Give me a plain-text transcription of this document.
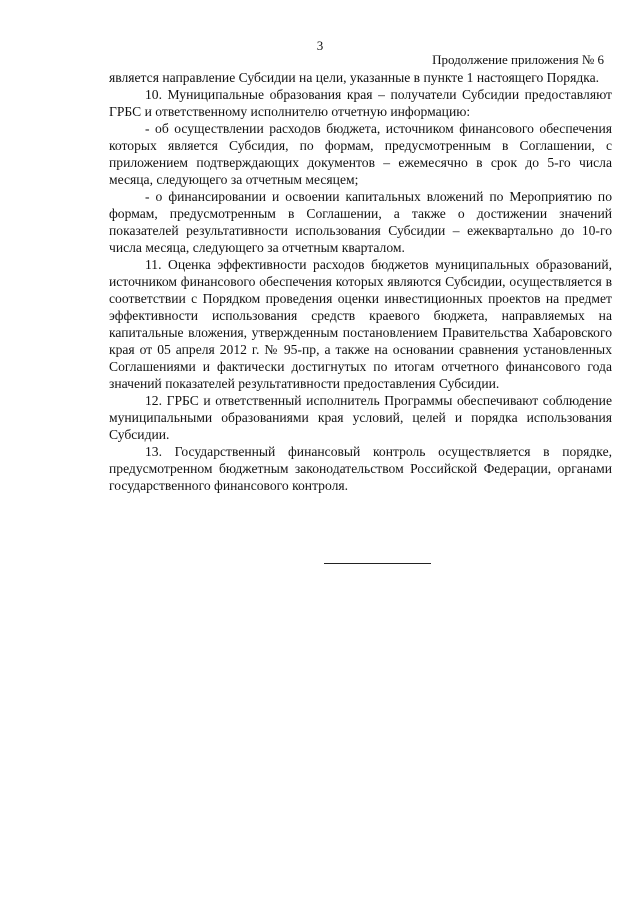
3
Продолжение приложения № 6

является направление Субсидии на цели, указанные в пункте 1 настоящего Порядка.

10. Муниципальные образования края – получатели Субсидии предоставляют ГРБС и ответственному исполнителю отчетную информацию:

- об осуществлении расходов бюджета, источником финансового обеспечения которых является Субсидия, по формам, предусмотренным в Соглашении, с приложением подтверждающих документов – ежемесячно в срок до 5-го числа месяца, следующего за отчетным месяцем;

- о финансировании и освоении капитальных вложений по Мероприятию по формам, предусмотренным в Соглашении, а также о достижении значений показателей результативности использования Субсидии – ежеквартально до 10-го числа месяца, следующего за отчетным кварталом.

11. Оценка эффективности расходов бюджетов муниципальных образований, источником финансового обеспечения которых являются Субсидии, осуществляется в соответствии с Порядком проведения оценки инвестиционных проектов на предмет эффективности использования средств краевого бюджета, направляемых на капитальные вложения, утвержденным постановлением Правительства Хабаровского края от 05 апреля 2012 г. № 95-пр, а также на основании сравнения установленных Соглашениями и фактически достигнутых по итогам отчетного финансового года значений показателей результативности предоставления Субсидии.

12. ГРБС и ответственный исполнитель Программы обеспечивают соблюдение муниципальными образованиями края условий, целей и порядка использования Субсидии.

13. Государственный финансовый контроль осуществляется в порядке, предусмотренном бюджетным законодательством Российской Федерации, органами государственного финансового контроля.
